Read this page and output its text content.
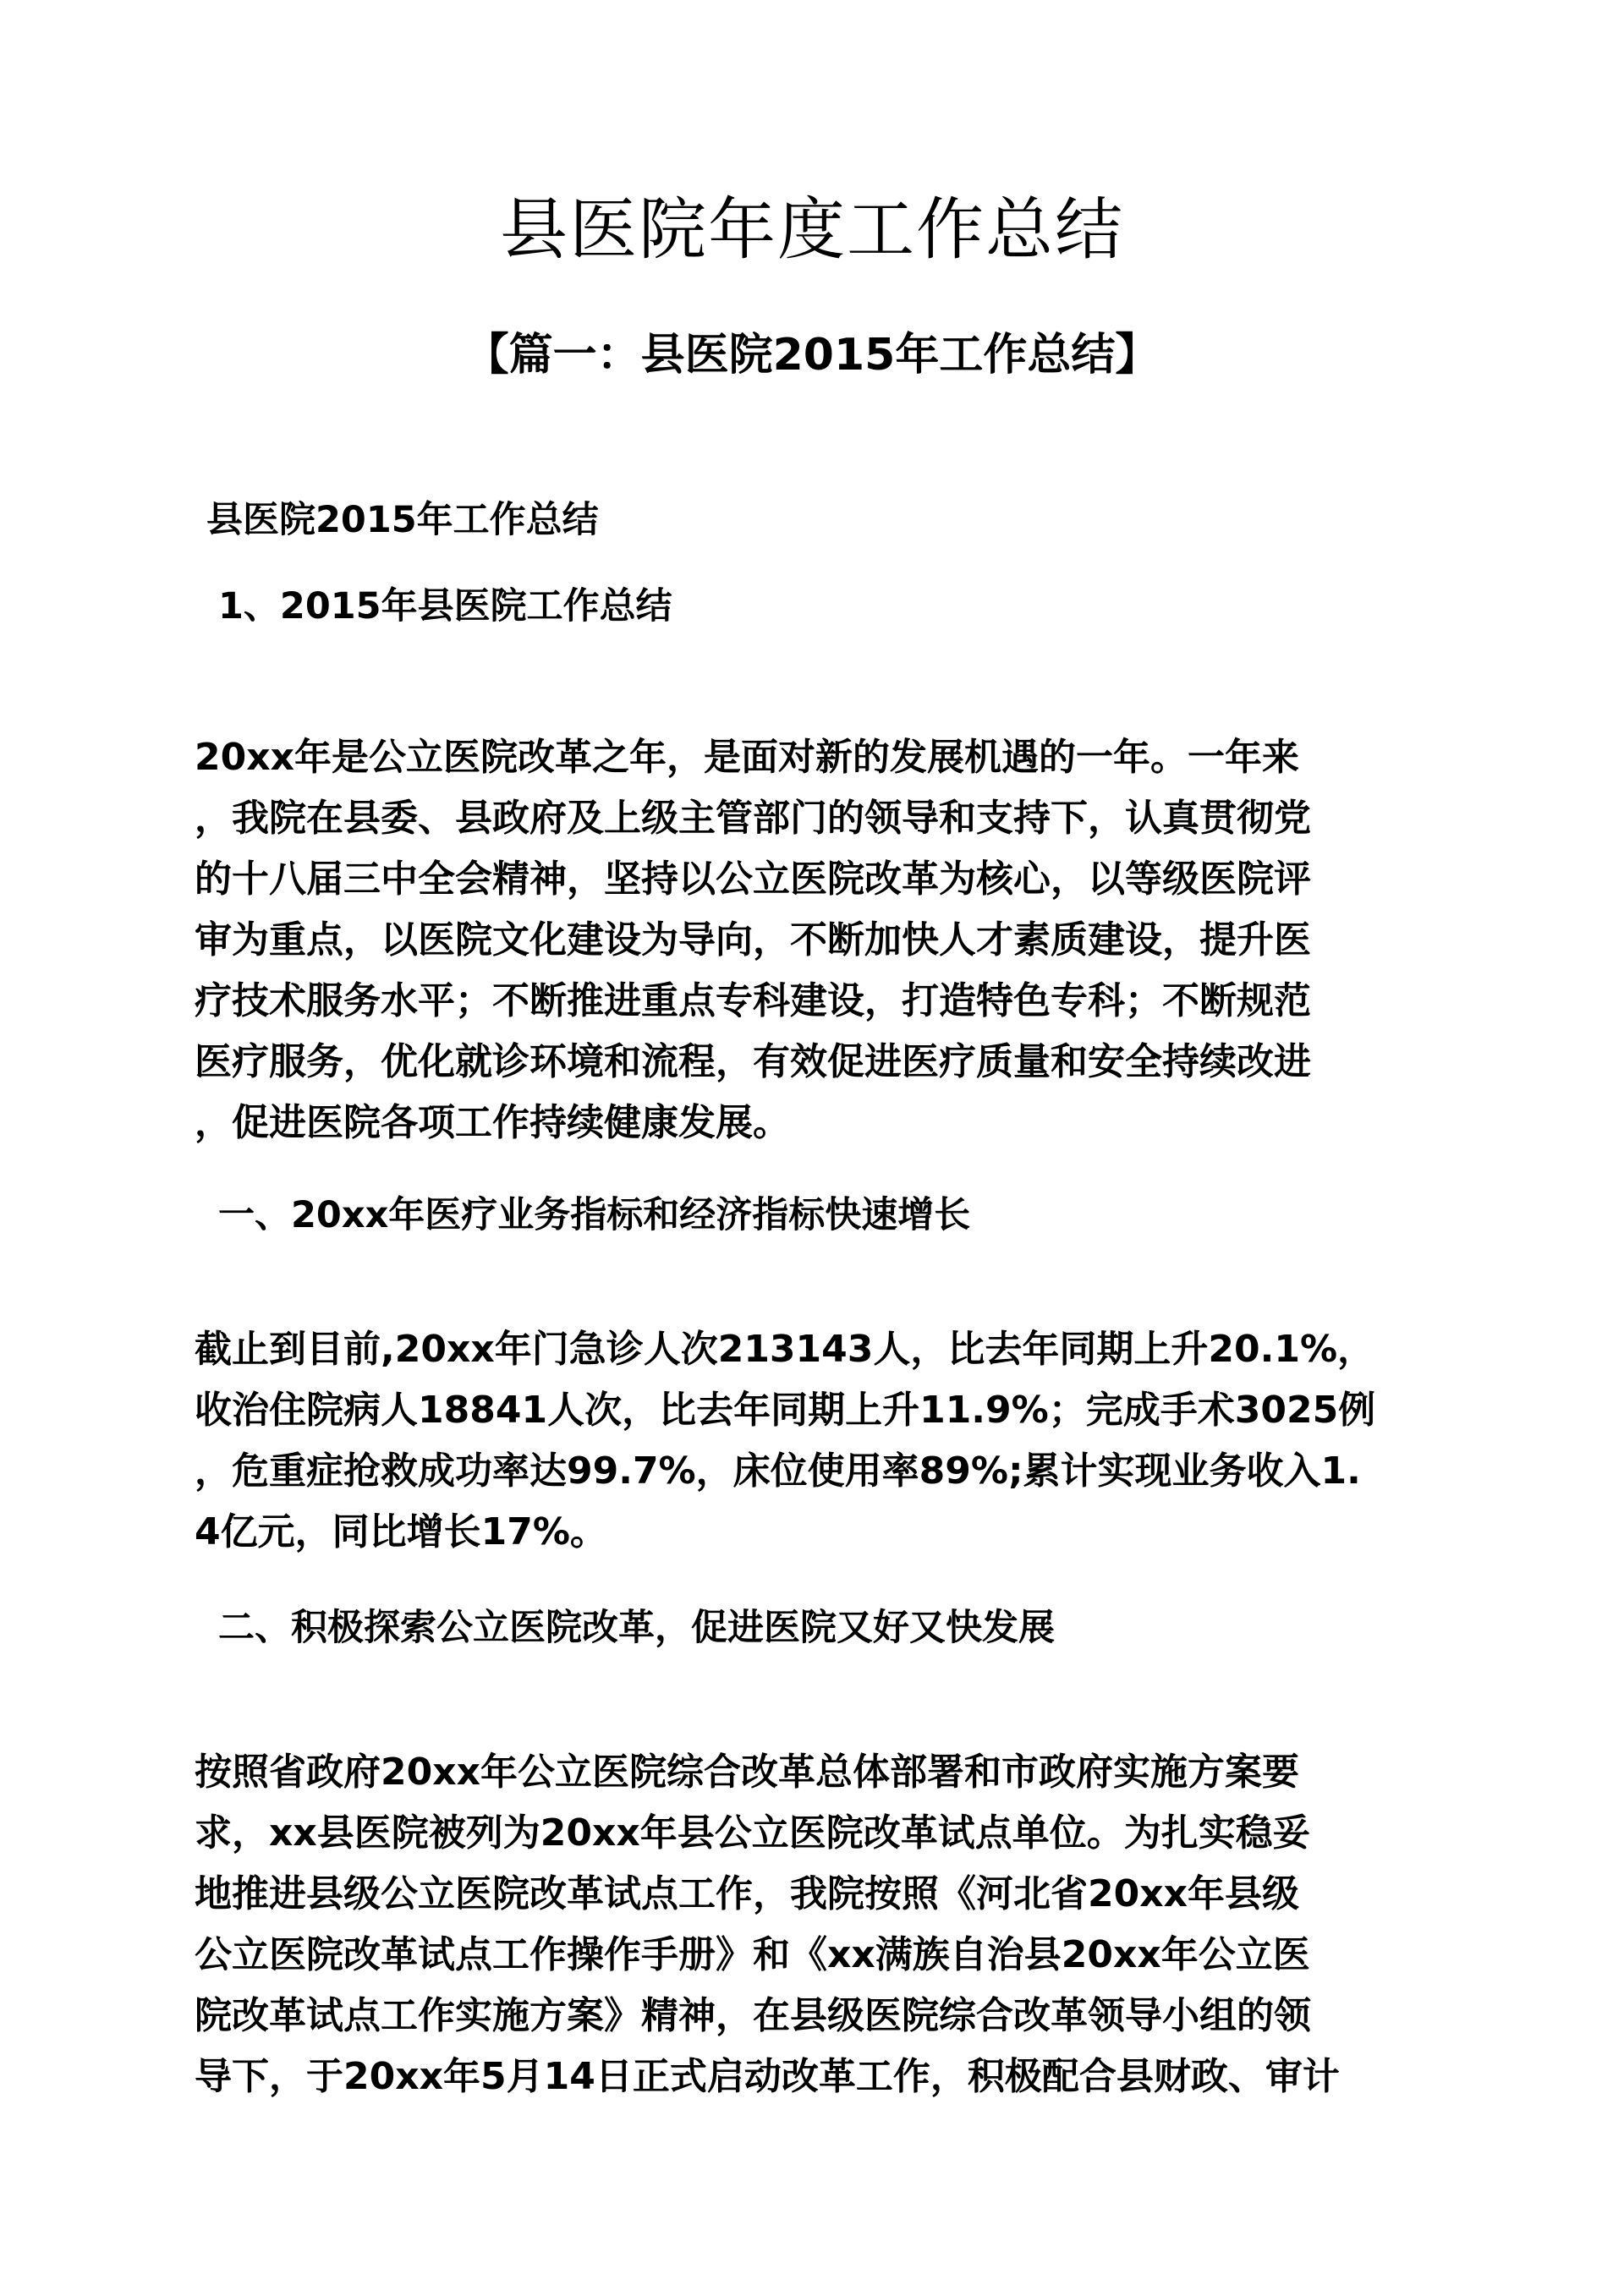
县医院年度工作总结
【篇一：县医院2015年工作总结】
县医院2015年工作总结
1、2015年县医院工作总结
20xx年是公立医院改革之年，是面对新的发展机遇的一年。一年来
，我院在县委、县政府及上级主管部门的领导和支持下，认真贯彻党
的十八届三中全会精神，坚持以公立医院改革为核心，以等级医院评
审为重点，以医院文化建设为导向，不断加快人才素质建设，提升医
疗技术服务水平；不断推进重点专科建设，打造特色专科；不断规范
医疗服务，优化就诊环境和流程，有效促进医疗质量和安全持续改进
，促进医院各项工作持续健康发展。
一、20xx年医疗业务指标和经济指标快速增长
截止到目前,20xx年门急诊人次213143人，比去年同期上升20.1%，
收治住院病人18841人次，比去年同期上升11.9%；完成手术3025例
，危重症抢救成功率达99.7%，床位使用率89%;累计实现业务收入1.
4亿元，同比增长17%。
二、积极探索公立医院改革，促进医院又好又快发展
按照省政府20xx年公立医院综合改革总体部署和市政府实施方案要
求，xx县医院被列为20xx年县公立医院改革试点单位。为扎实稳妥
地推进县级公立医院改革试点工作，我院按照《河北省20xx年县级
公立医院改革试点工作操作手册》和《xx满族自治县20xx年公立医
院改革试点工作实施方案》精神，在县级医院综合改革领导小组的领
导下，于20xx年5月14日正式启动改革工作，积极配合县财政、审计
